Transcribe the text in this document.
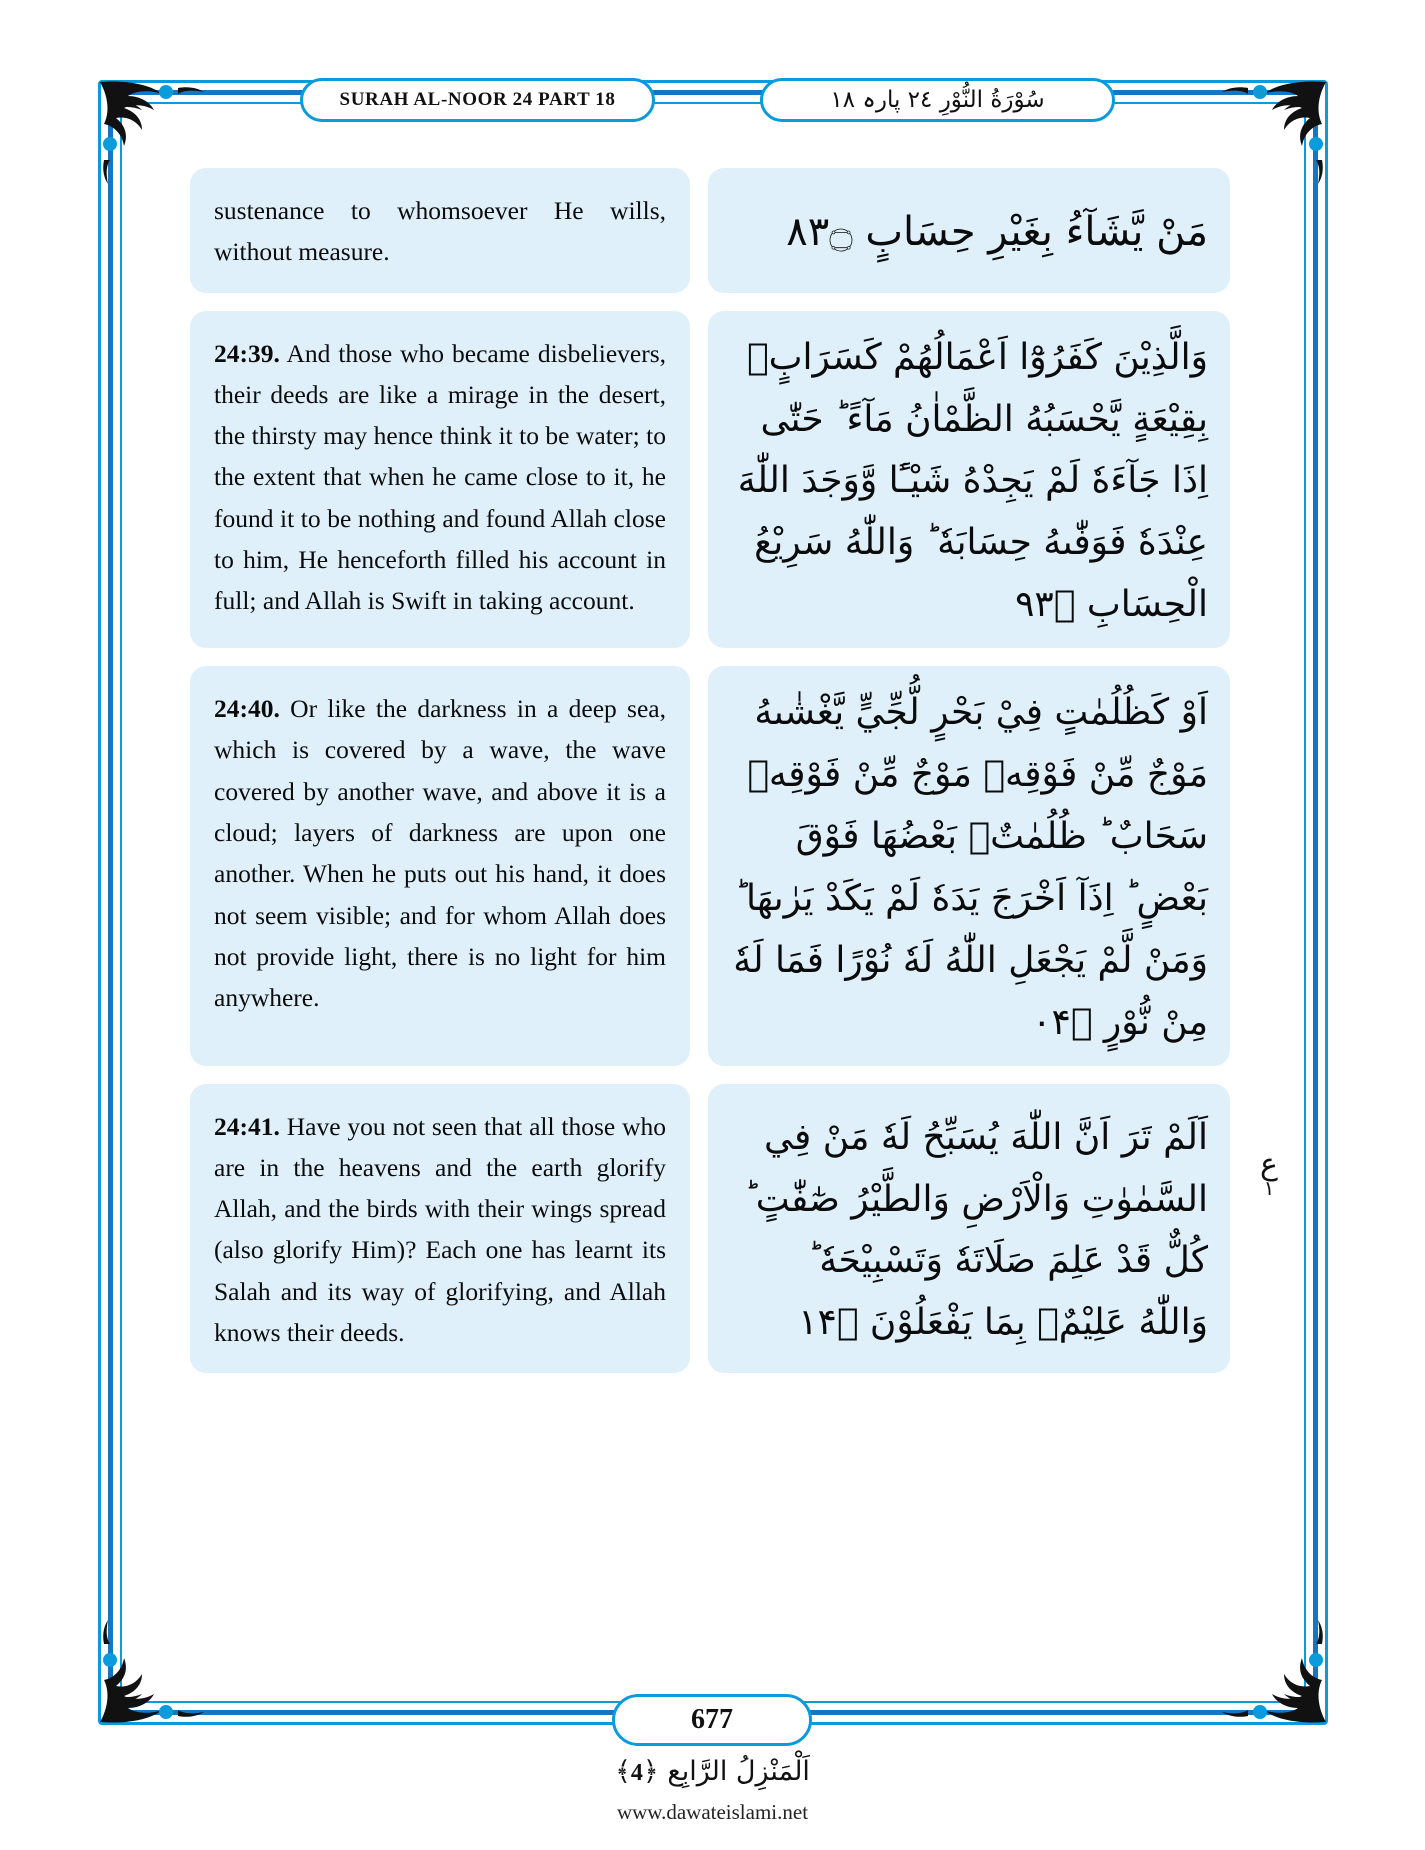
SURAH AL-NOOR 24 PART 18	سُوْرَةُ النُّوْرِ ٢٤ پارہ ١٨
sustenance to whomsoever He wills, without measure.	مَنْ يَّشَآءُ بِغَيْرِ حِسَابٍ ۝۳۸
24:39. And those who became disbelievers, their deeds are like a mirage in the desert, the thirsty may hence think it to be water; to the extent that when he came close to it, he found it to be nothing and found Allah close to him, He henceforth filled his account in full; and Allah is Swift in taking account.
وَالَّذِيْنَ كَفَرُوْٓا اَعْمَالُهُمْ كَسَرَابٍۭ بِقِيْعَةٍ يَّحْسَبُهُ الظَّمْاٰنُ مَآءً ؕ حَتّٰى اِذَا جَآءَهٗ لَمْ يَجِدْهُ شَيْـًٔا وَّوَجَدَ اللّٰهَ عِنْدَهٗ فَوَفّٰىهُ حِسَابَهٗ ؕ وَاللّٰهُ سَرِيْعُ الْحِسَابِ ۝۳۹
24:40. Or like the darkness in a deep sea, which is covered by a wave, the wave covered by another wave, and above it is a cloud; layers of darkness are upon one another. When he puts out his hand, it does not seem visible; and for whom Allah does not provide light, there is no light for him anywhere.
اَوْ كَظُلُمٰتٍ فِيْ بَحْرٍ لُّجِّيٍّ يَّغْشٰىهُ مَوْجٌ مِّنْ فَوْقِهٖ مَوْجٌ مِّنْ فَوْقِهٖ سَحَابٌ ؕ ظُلُمٰتٌۢ بَعْضُهَا فَوْقَ بَعْضٍ ؕ اِذَآ اَخْرَجَ يَدَهٗ لَمْ يَكَدْ يَرٰىهَا ؕ وَمَنْ لَّمْ يَجْعَلِ اللّٰهُ لَهٗ نُوْرًا فَمَا لَهٗ مِنْ نُّوْرٍ ۝۴۰
24:41. Have you not seen that all those who are in the heavens and the earth glorify Allah, and the birds with their wings spread (also glorify Him)? Each one has learnt its Salah and its way of glorifying, and Allah knows their deeds.
اَلَمْ تَرَ اَنَّ اللّٰهَ يُسَبِّحُ لَهٗ مَنْ فِي السَّمٰوٰتِ وَالْاَرْضِ وَالطَّيْرُ صٰٓفّٰتٍ ؕ كُلٌّ قَدْ عَلِمَ صَلَاتَهٗ وَتَسْبِيْحَهٗ ؕ وَاللّٰهُ عَلِيْمٌۢ بِمَا يَفْعَلُوْنَ ۝۴۱
ع
۱
677
اَلْمَنْزِلُ الرَّابِع ﴿4﴾
www.dawateislami.net
